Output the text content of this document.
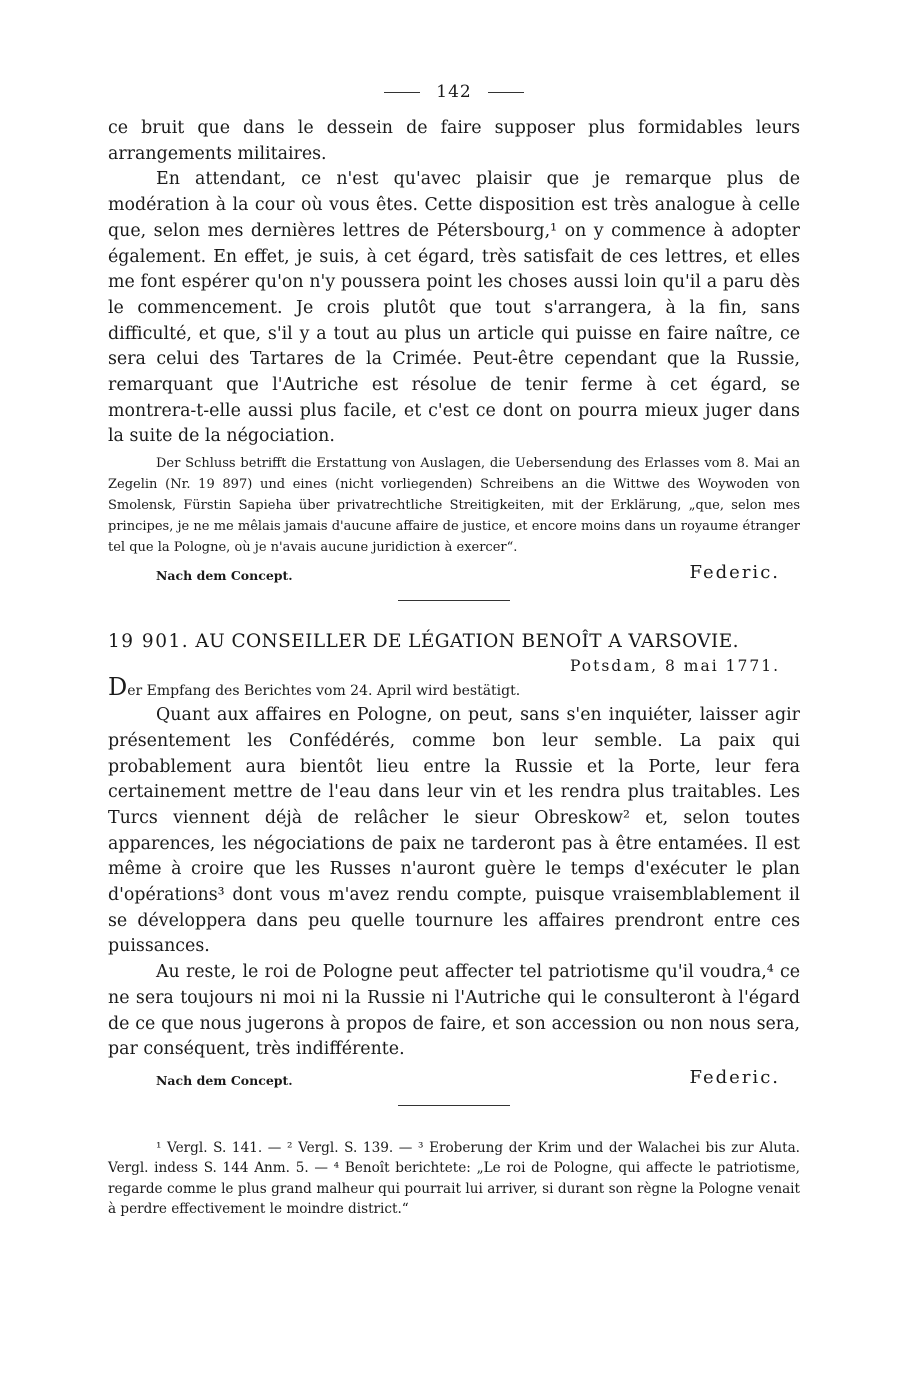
142

ce bruit que dans le dessein de faire supposer plus formidables leurs arrangements militaires.

En attendant, ce n'est qu'avec plaisir que je remarque plus de modération à la cour où vous êtes. Cette disposition est très analogue à celle que, selon mes dernières lettres de Pétersbourg,¹ on y commence à adopter également. En effet, je suis, à cet égard, très satisfait de ces lettres, et elles me font espérer qu'on n'y poussera point les choses aussi loin qu'il a paru dès le commencement. Je crois plutôt que tout s'arrangera, à la fin, sans difficulté, et que, s'il y a tout au plus un article qui puisse en faire naître, ce sera celui des Tartares de la Crimée. Peut-être cependant que la Russie, remarquant que l'Autriche est résolue de tenir ferme à cet égard, se montrera-t-elle aussi plus facile, et c'est ce dont on pourra mieux juger dans la suite de la négociation.

Der Schluss betrifft die Erstattung von Auslagen, die Uebersendung des Erlasses vom 8. Mai an Zegelin (Nr. 19 897) und eines (nicht vorliegenden) Schreibens an die Wittwe des Woywoden von Smolensk, Fürstin Sapieha über privatrechtliche Streitigkeiten, mit der Erklärung, „que, selon mes principes, je ne me mêlais jamais d'aucune affaire de justice, et encore moins dans un royaume étranger tel que la Pologne, où je n'avais aucune juridiction à exercer“.

Nach dem Concept.	Federic.
19 901. AU CONSEILLER DE LÉGATION BENOÎT A VARSOVIE.
Potsdam, 8 mai 1771.
Der Empfang des Berichtes vom 24. April wird bestätigt.

Quant aux affaires en Pologne, on peut, sans s'en inquiéter, laisser agir présentement les Confédérés, comme bon leur semble. La paix qui probablement aura bientôt lieu entre la Russie et la Porte, leur fera certainement mettre de l'eau dans leur vin et les rendra plus traitables. Les Turcs viennent déjà de relâcher le sieur Obreskow² et, selon toutes apparences, les négociations de paix ne tarderont pas à être entamées. Il est même à croire que les Russes n'auront guère le temps d'exécuter le plan d'opérations³ dont vous m'avez rendu compte, puisque vraisemblablement il se développera dans peu quelle tournure les affaires prendront entre ces puissances.

Au reste, le roi de Pologne peut affecter tel patriotisme qu'il voudra,⁴ ce ne sera toujours ni moi ni la Russie ni l'Autriche qui le consulteront à l'égard de ce que nous jugerons à propos de faire, et son accession ou non nous sera, par conséquent, très indifférente.

Nach dem Concept.	Federic.

¹ Vergl. S. 141. — ² Vergl. S. 139. — ³ Eroberung der Krim und der Walachei bis zur Aluta. Vergl. indess S. 144 Anm. 5. — ⁴ Benoît berichtete: „Le roi de Pologne, qui affecte le patriotisme, regarde comme le plus grand malheur qui pourrait lui arriver, si durant son règne la Pologne venait à perdre effectivement le moindre district.“
